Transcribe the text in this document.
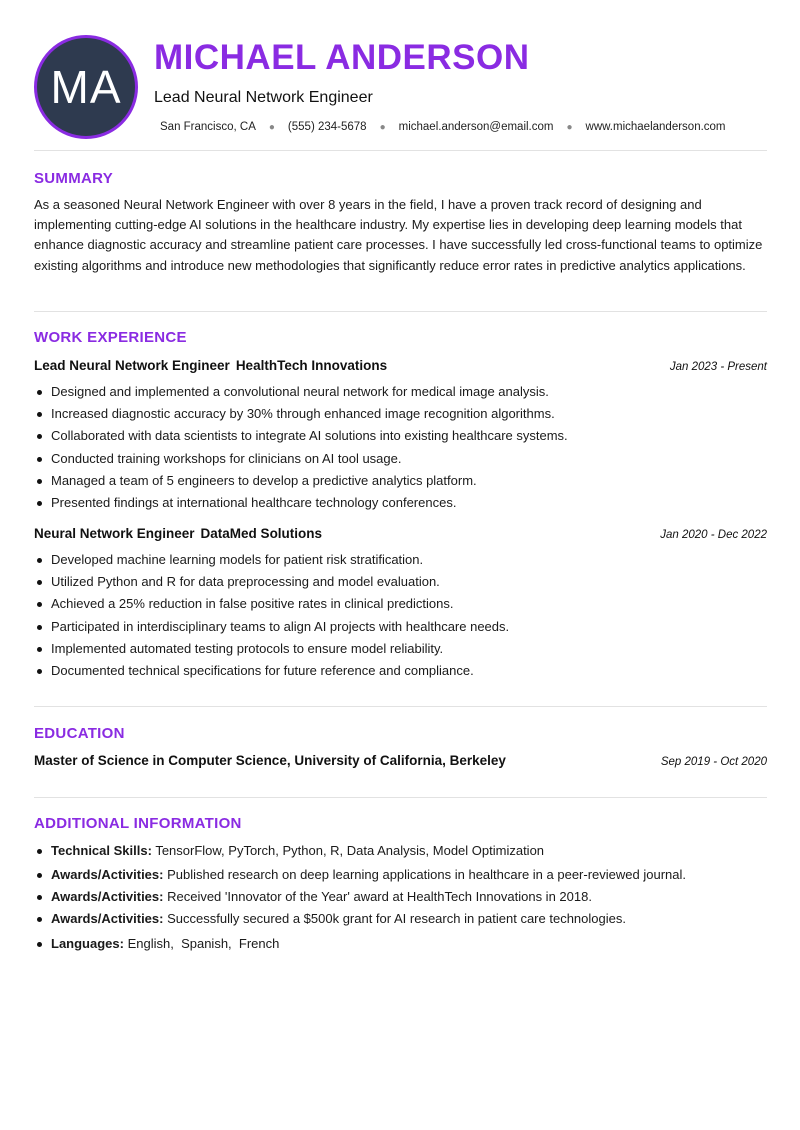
MA
MICHAEL ANDERSON
Lead Neural Network Engineer
San Francisco, CA ● (555) 234-5678 ● michael.anderson@email.com ● www.michaelanderson.com
SUMMARY
As a seasoned Neural Network Engineer with over 8 years in the field, I have a proven track record of designing and implementing cutting-edge AI solutions in the healthcare industry. My expertise lies in developing deep learning models that enhance diagnostic accuracy and streamline patient care processes. I have successfully led cross-functional teams to optimize existing algorithms and introduce new methodologies that significantly reduce error rates in predictive analytics applications.
WORK EXPERIENCE
Lead Neural Network Engineer HealthTech Innovations	Jan 2023 - Present
Designed and implemented a convolutional neural network for medical image analysis.
Increased diagnostic accuracy by 30% through enhanced image recognition algorithms.
Collaborated with data scientists to integrate AI solutions into existing healthcare systems.
Conducted training workshops for clinicians on AI tool usage.
Managed a team of 5 engineers to develop a predictive analytics platform.
Presented findings at international healthcare technology conferences.
Neural Network Engineer DataMed Solutions	Jan 2020 - Dec 2022
Developed machine learning models for patient risk stratification.
Utilized Python and R for data preprocessing and model evaluation.
Achieved a 25% reduction in false positive rates in clinical predictions.
Participated in interdisciplinary teams to align AI projects with healthcare needs.
Implemented automated testing protocols to ensure model reliability.
Documented technical specifications for future reference and compliance.
EDUCATION
Master of Science in Computer Science, University of California, Berkeley	Sep 2019 - Oct 2020
ADDITIONAL INFORMATION
Technical Skills: TensorFlow, PyTorch, Python, R, Data Analysis, Model Optimization
Awards/Activities: Published research on deep learning applications in healthcare in a peer-reviewed journal.
Awards/Activities: Received 'Innovator of the Year' award at HealthTech Innovations in 2018.
Awards/Activities: Successfully secured a $500k grant for AI research in patient care technologies.
Languages: English,  Spanish,  French
